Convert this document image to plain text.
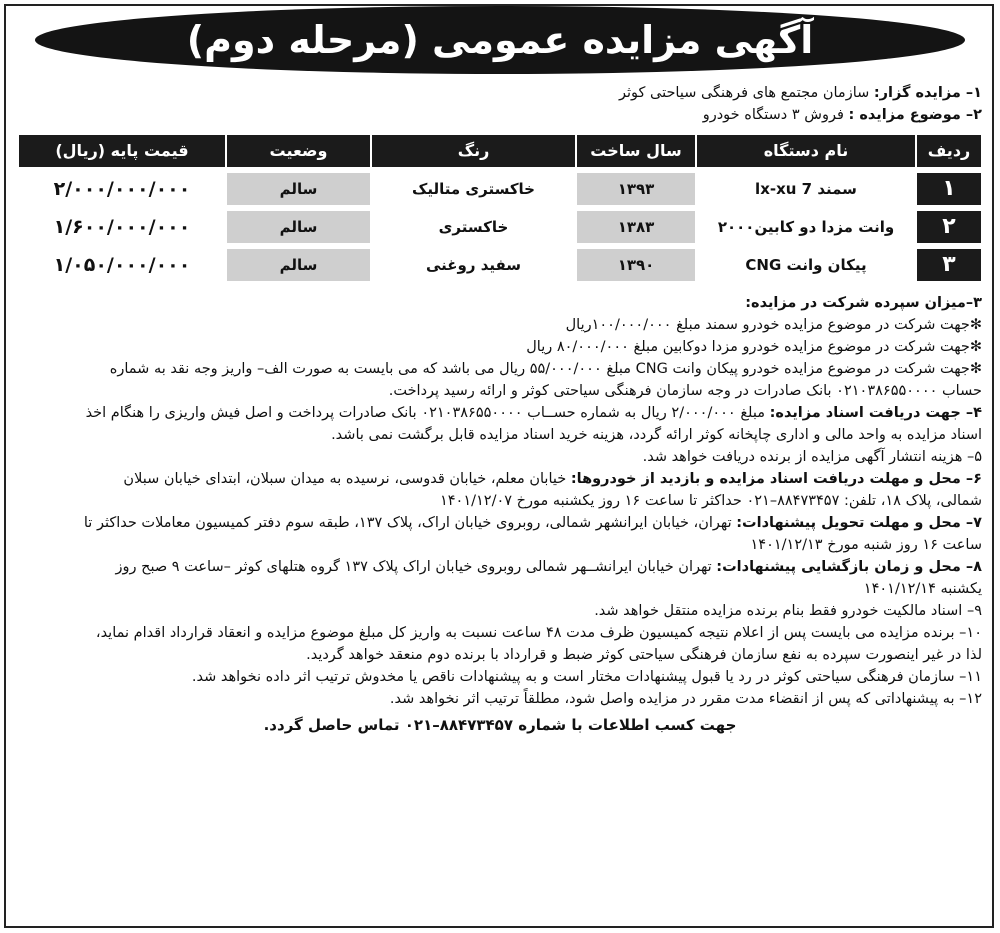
آگهی مزایده عمومی (مرحله دوم)
۱– مزایده گزار: سازمان مجتمع های فرهنگی سیاحتی کوثر
۲– موضوع مزایده : فروش ۳ دستگاه خودرو
ردیف	نام دستگاه	سال ساخت	رنگ	وضعیت	قیمت پایه (ریال)
۱	سمند lx-xu 7	۱۳۹۳	خاکستری متالیک	سالم	۲/۰۰۰/۰۰۰/۰۰۰
۲	وانت مزدا دو کابین۲۰۰۰	۱۳۸۳	خاکستری	سالم	۱/۶۰۰/۰۰۰/۰۰۰
۳	پیکان وانت CNG	۱۳۹۰	سفید روغنی	سالم	۱/۰۵۰/۰۰۰/۰۰۰
۳–میزان سپرده شرکت در مزایده:
✻جهت شرکت در موضوع مزایده خودرو سمند مبلغ ۱۰۰/۰۰۰/۰۰۰ریال
✻جهت شرکت در موضوع مزایده خودرو مزدا دوکابین مبلغ ۸۰/۰۰۰/۰۰۰ ریال
✻جهت شرکت در موضوع مزایده خودرو پیکان وانت CNG مبلغ ۵۵/۰۰۰/۰۰۰ ریال می باشد که می بایست به صورت الف– واریز وجه نقد به شماره
حساب ۰۲۱۰۳۸۶۵۵۰۰۰۰ بانک صادرات در وجه سازمان فرهنگی سیاحتی کوثر و ارائه رسید پرداخت.
۴– جهت دریافت اسناد مزایده: مبلغ ۲/۰۰۰/۰۰۰ ریال به شماره حســاب ۰۲۱۰۳۸۶۵۵۰۰۰۰ بانک صادرات پرداخت و اصل فیش واریزی را هنگام اخذ
اسناد مزایده به واحد مالی و اداری چاپخانه کوثر ارائه گردد، هزینه خرید اسناد مزایده قابل برگشت نمی باشد.
۵– هزینه انتشار آگهی مزایده از برنده دریافت خواهد شد.
۶– محل و مهلت دریافت اسناد مزایده و بازدید از خودروها: خیابان معلم، خیابان قدوسی، نرسیده به میدان سبلان، ابتدای خیابان سبلان
شمالی، پلاک ۱۸، تلفن: ۸۸۴۷۳۴۵۷–۰۲۱ حداکثر تا ساعت ۱۶ روز یکشنبه مورخ ۱۴۰۱/۱۲/۰۷
۷– محل و مهلت تحویل پیشنهادات: تهران، خیابان ایرانشهر شمالی، روبروی خیابان اراک، پلاک ۱۳۷، طبقه سوم دفتر کمیسیون معاملات حداکثر تا
ساعت ۱۶ روز شنبه مورخ ۱۴۰۱/۱۲/۱۳
۸– محل و زمان بازگشایی پیشنهادات: تهران خیابان ایرانشــهر شمالی روبروی خیابان اراک پلاک ۱۳۷ گروه هتلهای کوثر –ساعت ۹ صبح روز
یکشنبه ۱۴۰۱/۱۲/۱۴
۹– اسناد مالکیت خودرو فقط بنام برنده مزایده منتقل خواهد شد.
۱۰– برنده مزایده می بایست پس از اعلام نتیجه کمیسیون ظرف مدت ۴۸ ساعت نسبت به واریز کل مبلغ موضوع مزایده و انعقاد قرارداد اقدام نماید،
لذا در غیر اینصورت سپرده به نفع سازمان فرهنگی سیاحتی کوثر ضبط و قرارداد با برنده دوم منعقد خواهد گردید.
۱۱– سازمان فرهنگی سیاحتی کوثر در رد یا قبول پیشنهادات مختار است و به پیشنهادات ناقص یا مخدوش ترتیب اثر داده نخواهد شد.
۱۲– به پیشنهاداتی که پس از انقضاء مدت مقرر در مزایده واصل شود، مطلقاً ترتیب اثر نخواهد شد.
جهت کسب اطلاعات با شماره ۸۸۴۷۳۴۵۷–۰۲۱ تماس حاصل گردد.
